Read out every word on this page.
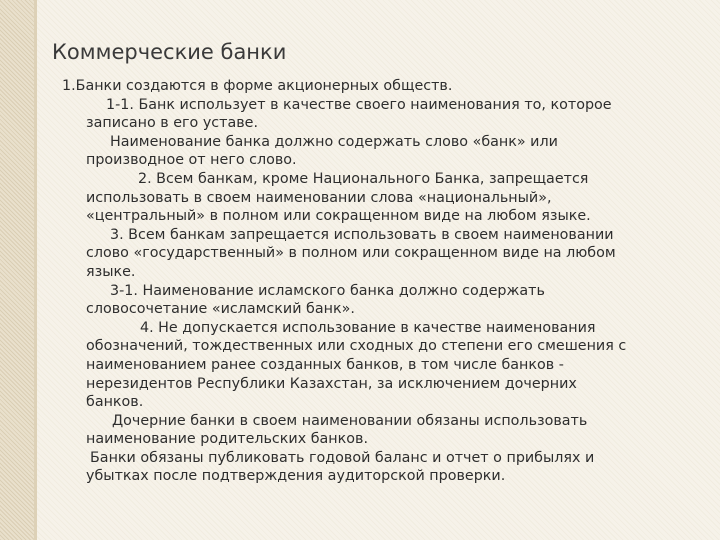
Коммерческие банки

1.Банки создаются в форме акционерных обществ.

1-1. Банк использует в качестве своего наименования то, которое

записано в его уставе.

Наименование банка должно содержать слово «банк» или

производное от него слово.

2. Всем банкам, кроме Национального Банка, запрещается

использовать в своем наименовании слова «национальный»,

«центральный» в полном или сокращенном виде на любом языке.

3. Всем банкам запрещается использовать в своем наименовании

слово «государственный» в полном или сокращенном виде на любом

языке.

3-1. Наименование исламского банка должно содержать

словосочетание «исламский банк».

4. Не допускается использование в качестве наименования

обозначений, тождественных или сходных до степени его смешения с

наименованием ранее созданных банков, в том числе банков -

нерезидентов Республики Казахстан, за исключением дочерних

банков.

Дочерние банки в своем наименовании обязаны использовать

наименование родительских банков.

Банки обязаны публиковать годовой баланс и отчет о прибылях и

убытках после подтверждения аудиторской проверки.
